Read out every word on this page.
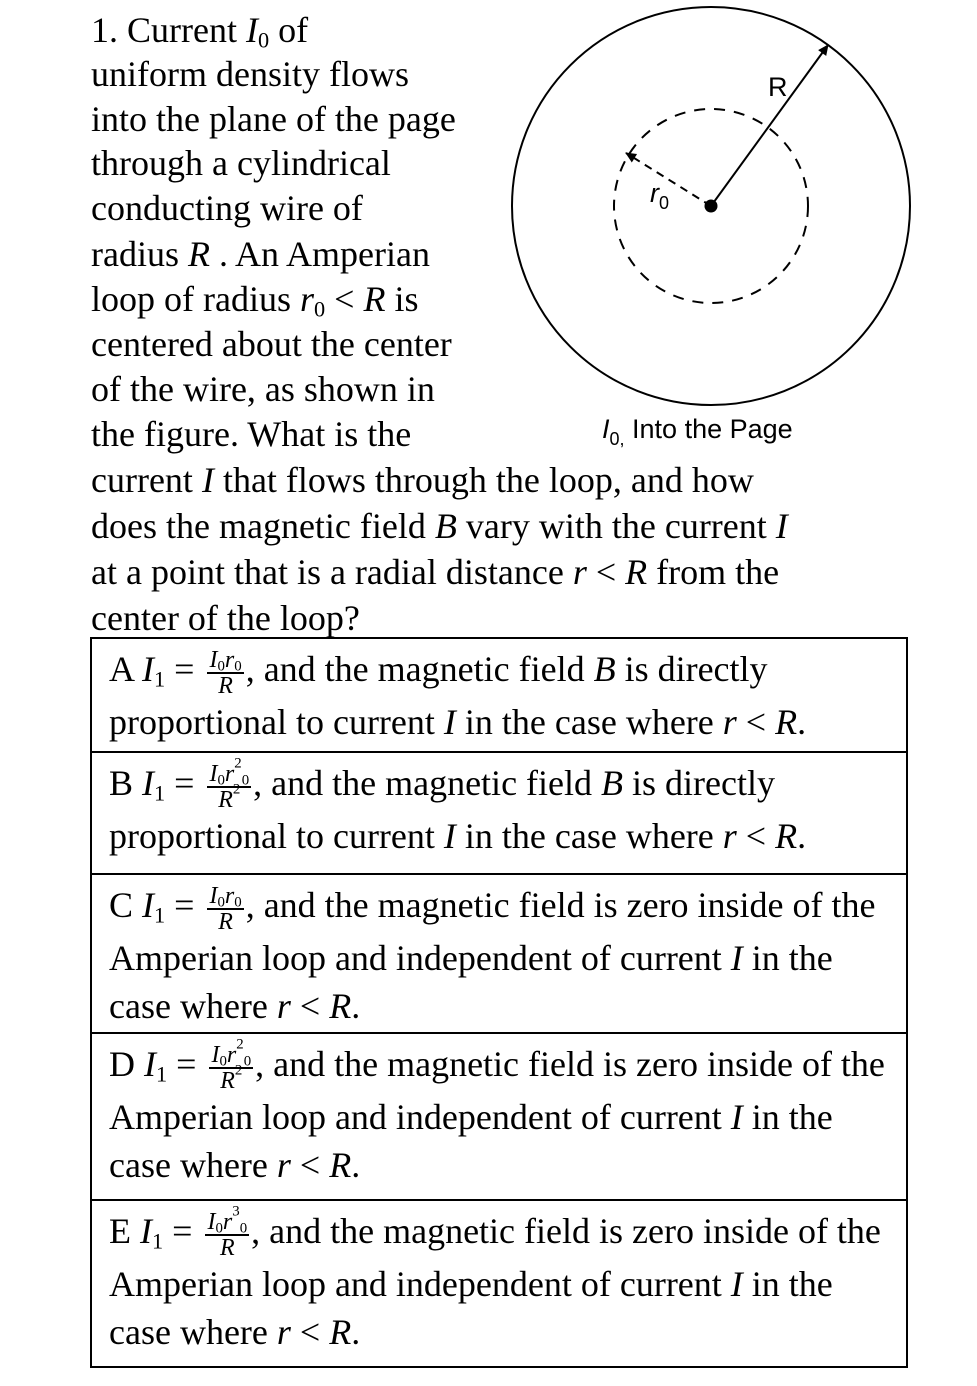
1. Current $I_0$ of
uniform density flows
into the plane of the page
through a cylindrical
conducting wire of
radius R . An Amperian
loop of radius $r_0 < R$ is
centered about the center
of the wire, as shown in
the figure. What is the
current I that flows through the loop, and how
does the magnetic field B vary with the current I
at a point that is a radial distance r < R from the
center of the loop?
R
$r_0$
$I_{0,}$ Into the Page
A $I_1 = \frac{I_0r_0}{R}$ , and the magnetic field B is directly proportional to current I in the case where r < R.
B $I_1 = \frac{I_0r^2_0}{R^2}$ , and the magnetic field B is directly proportional to current I in the case where r < R.
C $I_1 = \frac{I_0r_0}{R}$ , and the magnetic field is zero inside of the Amperian loop and independent of current I in the case where r < R.
D $I_1 = \frac{I_0r^2_0}{R^2}$ , and the magnetic field is zero inside of the Amperian loop and independent of current I in the case where r < R.
E $I_1 = \frac{I_0r^3_0}{R}$ , and the magnetic field is zero inside of the Amperian loop and independent of current I in the case where r < R.
